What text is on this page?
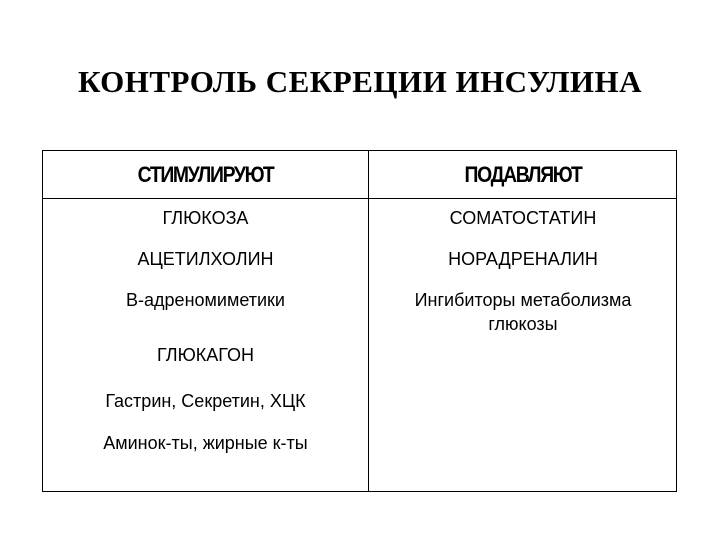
КОНТРОЛЬ СЕКРЕЦИИ ИНСУЛИНА
СТИМУЛИРУЮТ
ГЛЮКОЗА
АЦЕТИЛХОЛИН
В-адреномиметики
ГЛЮКАГОН
Гастрин, Секретин, ХЦК
Аминок-ты, жирные к-ты
ПОДАВЛЯЮТ
СОМАТОСТАТИН
НОРАДРЕНАЛИН
Ингибиторы метаболизма глюкозы
